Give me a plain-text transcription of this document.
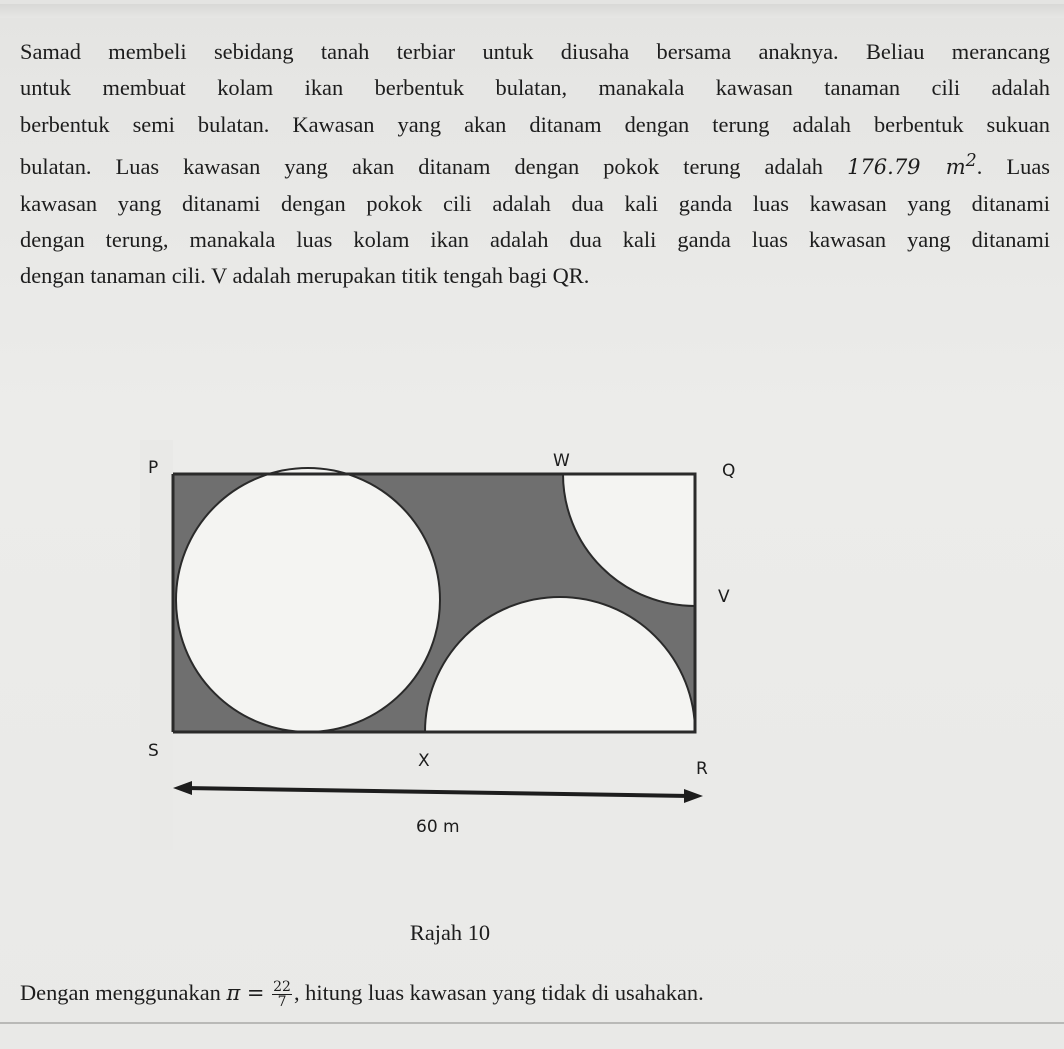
Samad membeli sebidang tanah terbiar untuk diusaha bersama anaknya. Beliau merancang
untuk membuat kolam ikan berbentuk bulatan, manakala kawasan tanaman cili adalah
berbentuk semi bulatan. Kawasan yang akan ditanam dengan terung adalah berbentuk sukuan
bulatan. Luas kawasan yang akan ditanam dengan pokok terung adalah 176.79 $m^2$. Luas
kawasan yang ditanami dengan pokok cili adalah dua kali ganda luas kawasan yang ditanami
dengan terung, manakala luas kolam ikan adalah dua kali ganda luas kawasan yang ditanami
dengan tanaman cili. V adalah merupakan titik tengah bagi QR.
P	W	Q
V
S	X	R
60 m
Rajah 10
Dengan menggunakan $\pi = \frac{22}{7}$ , hitung luas kawasan yang tidak di usahakan.
